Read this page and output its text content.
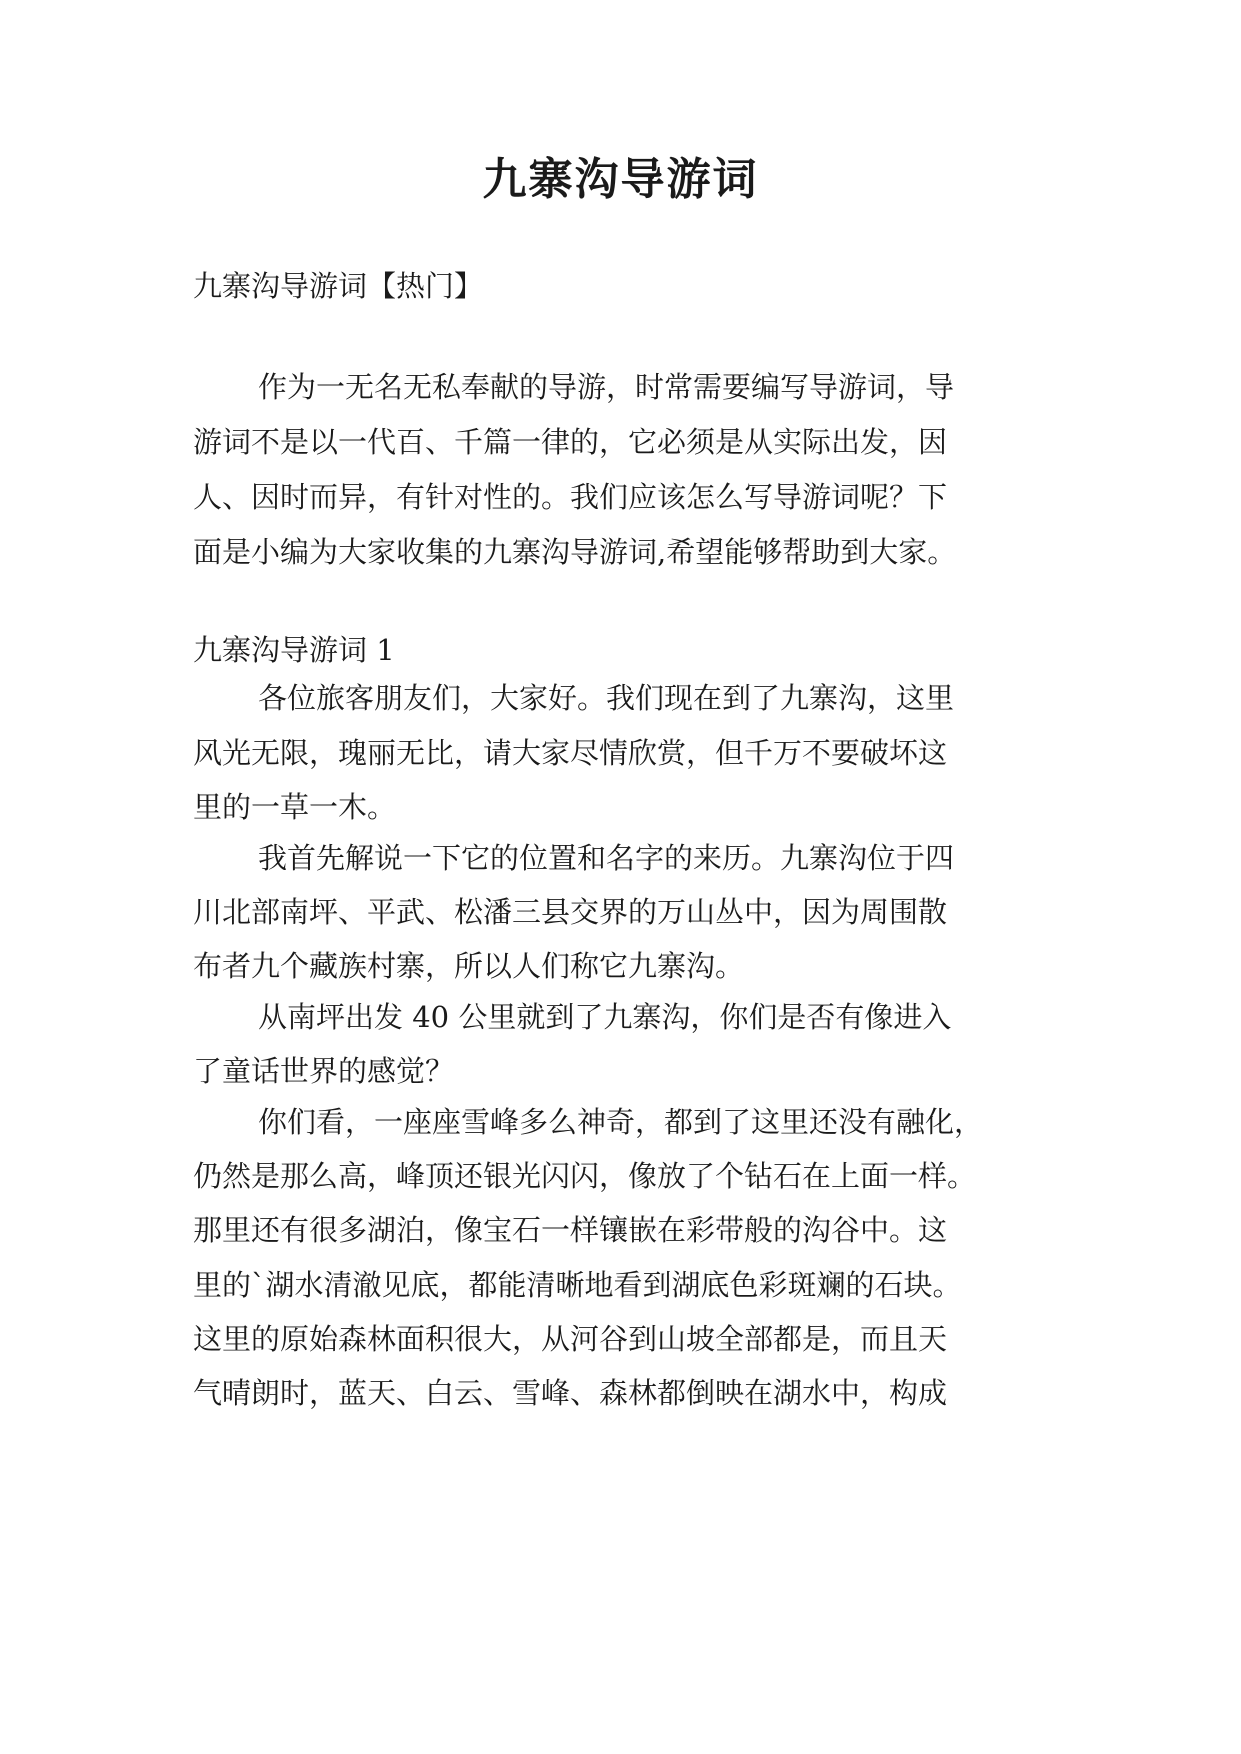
九寨沟导游词
九寨沟导游词【热门】
作为一无名无私奉献的导游，时常需要编写导游词，导
游词不是以一代百、千篇一律的，它必须是从实际出发，因
人、因时而异，有针对性的。我们应该怎么写导游词呢？下
面是小编为大家收集的九寨沟导游词,希望能够帮助到大家。
九寨沟导游词 1
各位旅客朋友们，大家好。我们现在到了九寨沟，这里
风光无限，瑰丽无比，请大家尽情欣赏，但千万不要破坏这
里的一草一木。
我首先解说一下它的位置和名字的来历。九寨沟位于四
川北部南坪、平武、松潘三县交界的万山丛中，因为周围散
布者九个藏族村寨，所以人们称它九寨沟。
从南坪出发 40 公里就到了九寨沟，你们是否有像进入
了童话世界的感觉？
你们看，一座座雪峰多么神奇，都到了这里还没有融化，
仍然是那么高，峰顶还银光闪闪，像放了个钻石在上面一样。
那里还有很多湖泊，像宝石一样镶嵌在彩带般的沟谷中。这
里的`湖水清澈见底，都能清晰地看到湖底色彩斑斓的石块。
这里的原始森林面积很大，从河谷到山坡全部都是，而且天
气晴朗时，蓝天、白云、雪峰、森林都倒映在湖水中，构成
